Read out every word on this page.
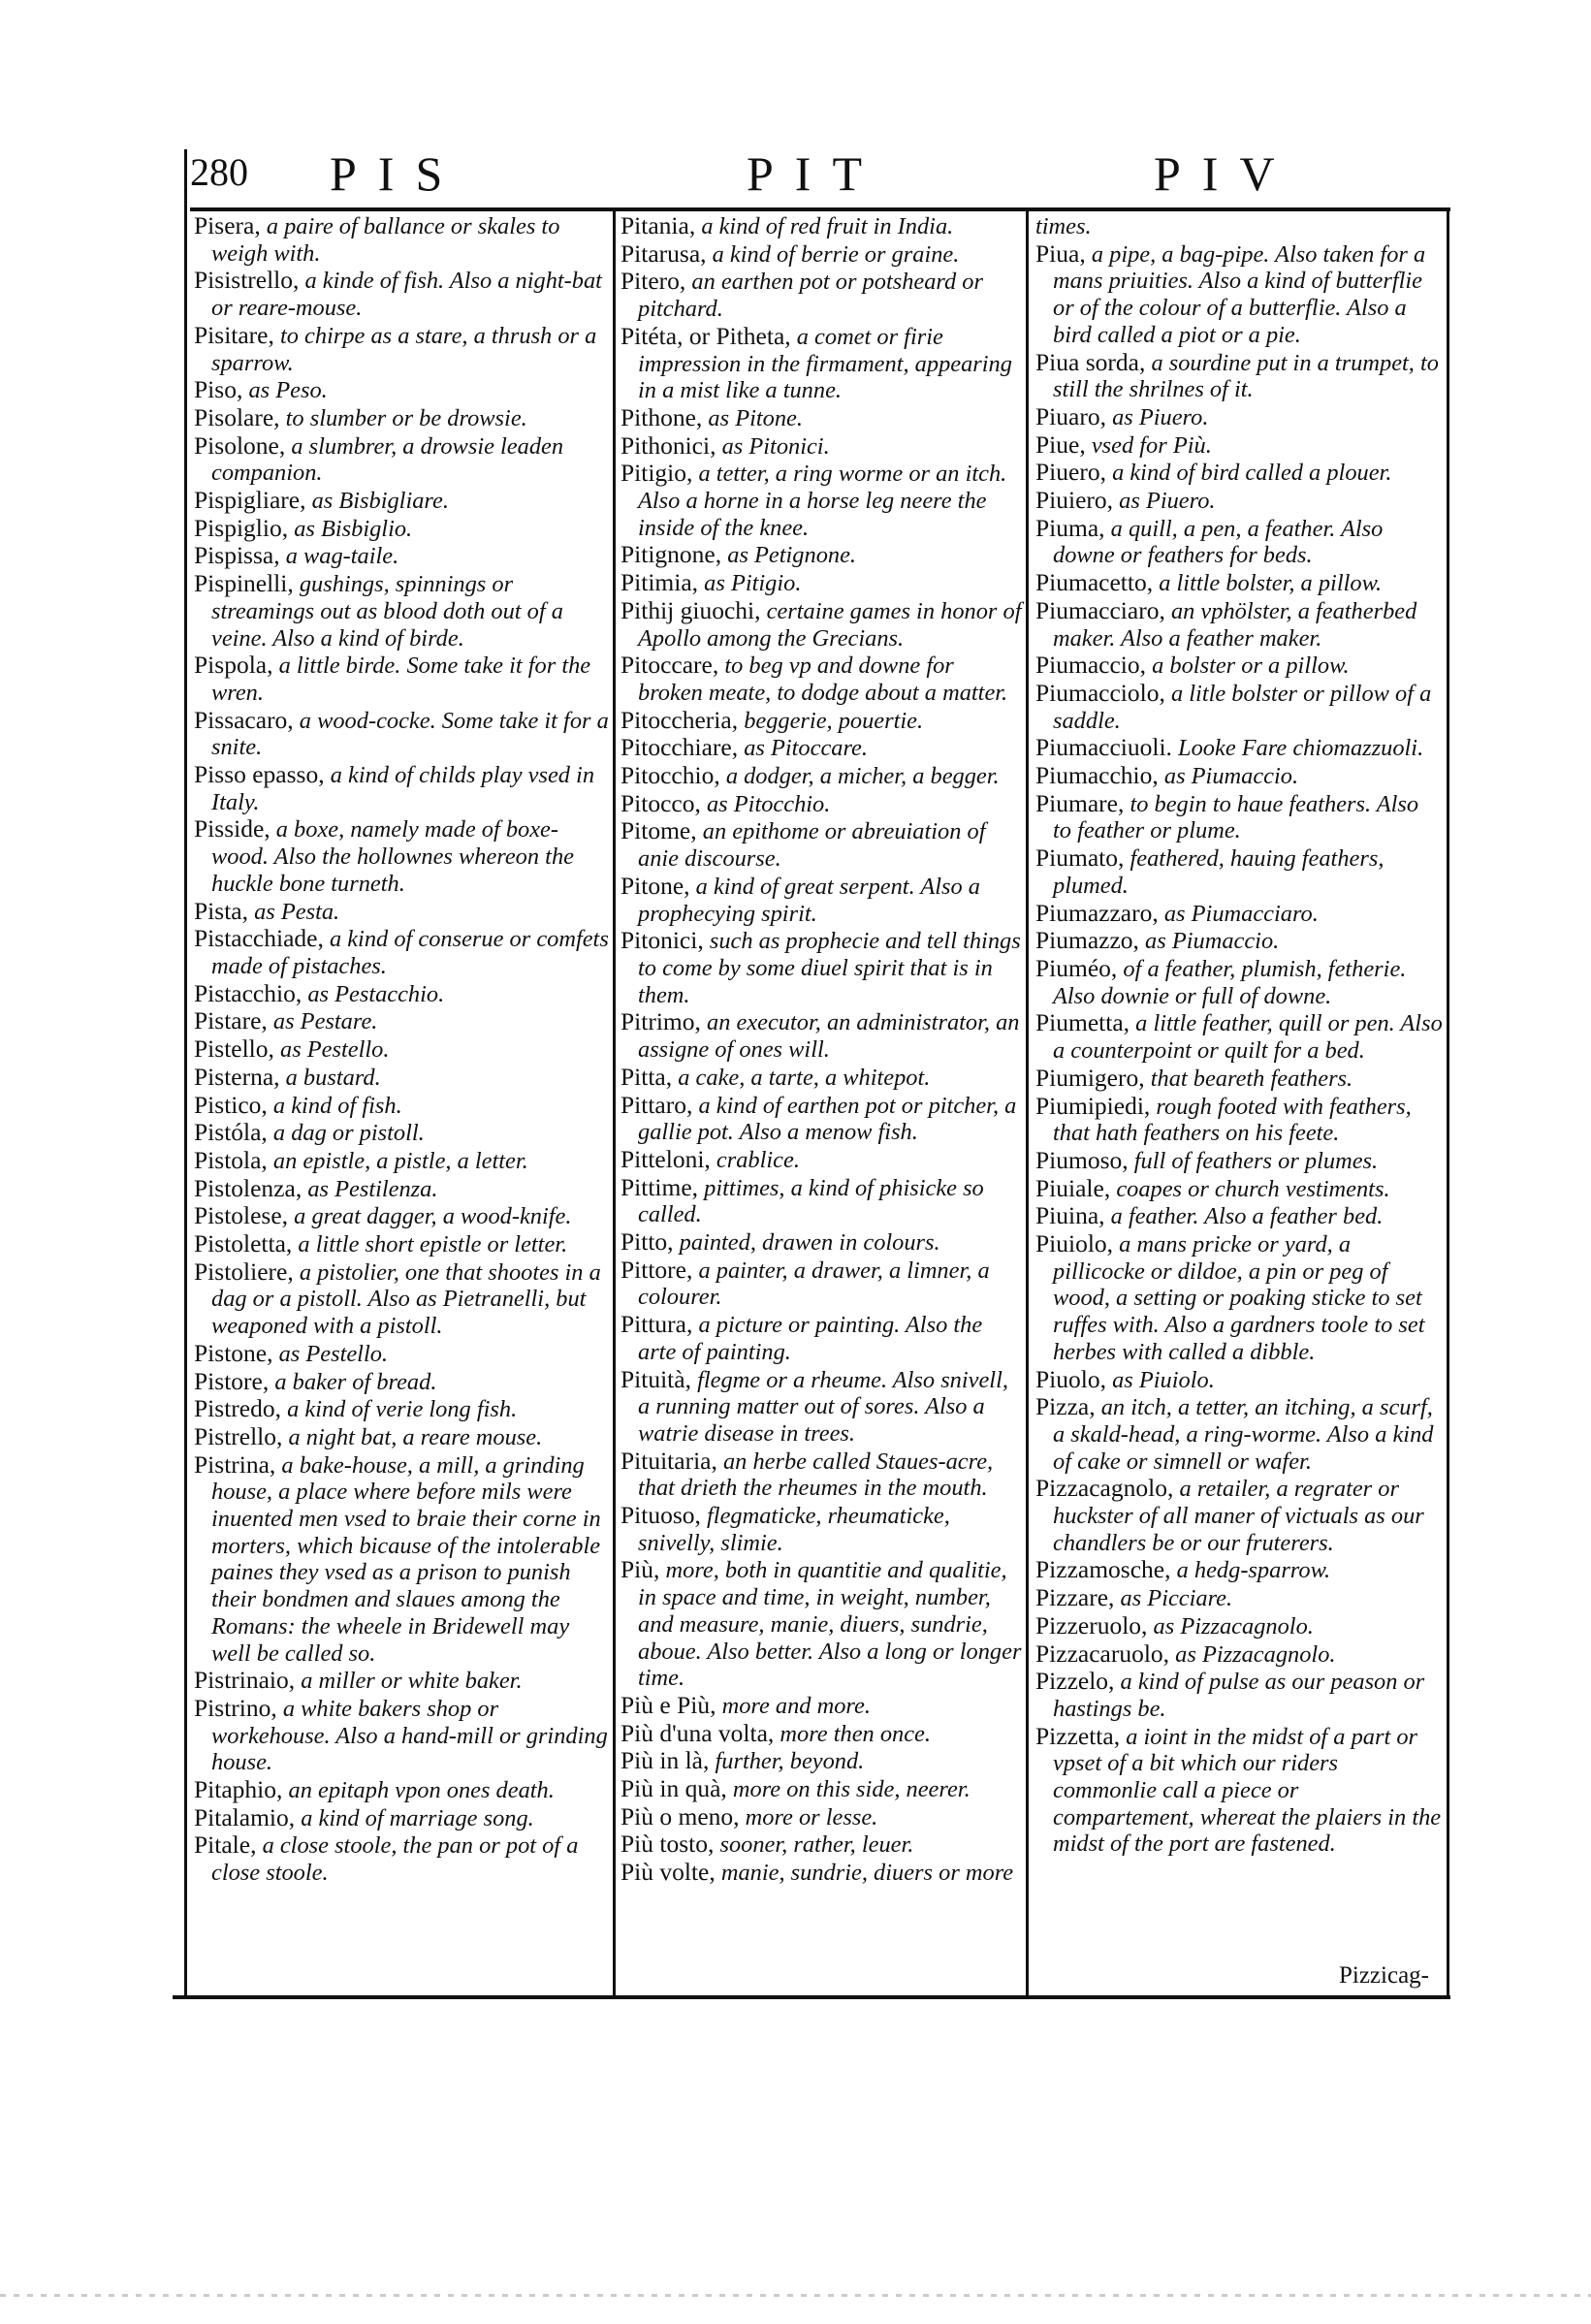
280 PIS	PIT	PIV

Pisera, a paire of ballance or skales to weigh with.

Pisistrello, a kinde of fish. Also a night-bat or reare-mouse.

Pisitare, to chirpe as a stare, a thrush or a sparrow.

Piso, as Peso.

Pisolare, to slumber or be drowsie.

Pisolone, a slumbrer, a drowsie leaden companion.

Pispigliare, as Bisbigliare.

Pispiglio, as Bisbiglio.

Pispissa, a wag-taile.

Pispinelli, gushings, spinnings or streamings out as blood doth out of a veine. Also a kind of birde.

Pispola, a little birde. Some take it for the wren.

Pissacaro, a wood-cocke. Some take it for a snite.

Pisso epasso, a kind of childs play vsed in Italy.

Pisside, a boxe, namely made of boxe-wood. Also the hollownes whereon the huckle bone turneth.

Pista, as Pesta.

Pistacchiade, a kind of conserue or comfets made of pistaches.

Pistacchio, as Pestacchio.

Pistare, as Pestare.

Pistello, as Pestello.

Pisterna, a bustard.

Pistico, a kind of fish.

Pistóla, a dag or pistoll.

Pistola, an epistle, a pistle, a letter.

Pistolenza, as Pestilenza.

Pistolese, a great dagger, a wood-knife.

Pistoletta, a little short epistle or letter.

Pistoliere, a pistolier, one that shootes in a dag or a pistoll. Also as Pietranelli, but weaponed with a pistoll.

Pistone, as Pestello.

Pistore, a baker of bread.

Pistredo, a kind of verie long fish.

Pistrello, a night bat, a reare mouse.

Pistrina, a bake-house, a mill, a grinding house, a place where before mils were inuented men vsed to braie their corne in morters, which bicause of the intolerable paines they vsed as a prison to punish their bondmen and slaues among the Romans: the wheele in Bridewell may well be called so.

Pistrinaio, a miller or white baker.

Pistrino, a white bakers shop or workehouse. Also a hand-mill or grinding house.

Pitaphio, an epitaph vpon ones death.

Pitalamio, a kind of marriage song.

Pitale, a close stoole, the pan or pot of a close stoole.

Pitania, a kind of red fruit in India.

Pitarusa, a kind of berrie or graine.

Pitero, an earthen pot or potsheard or pitchard.

Pitéta, or Pitheta, a comet or firie impression in the firmament, appearing in a mist like a tunne.

Pithone, as Pitone.

Pithonici, as Pitonici.

Pitigio, a tetter, a ring worme or an itch. Also a horne in a horse leg neere the inside of the knee.

Pitignone, as Petignone.

Pitimia, as Pitigio.

Pithij giuochi, certaine games in honor of Apollo among the Grecians.

Pitoccare, to beg vp and downe for broken meate, to dodge about a matter.

Pitoccheria, beggerie, pouertie.

Pitocchiare, as Pitoccare.

Pitocchio, a dodger, a micher, a begger.

Pitocco, as Pitocchio.

Pitome, an epithome or abreuiation of anie discourse.

Pitone, a kind of great serpent. Also a prophecying spirit.

Pitonici, such as prophecie and tell things to come by some diuel spirit that is in them.

Pitrimo, an executor, an administrator, an assigne of ones will.

Pitta, a cake, a tarte, a whitepot.

Pittaro, a kind of earthen pot or pitcher, a gallie pot. Also a menow fish.

Pitteloni, crablice.

Pittime, pittimes, a kind of phisicke so called.

Pitto, painted, drawen in colours.

Pittore, a painter, a drawer, a limner, a colourer.

Pittura, a picture or painting. Also the arte of painting.

Pituità, flegme or a rheume. Also snivell, a running matter out of sores. Also a watrie disease in trees.

Pituitaria, an herbe called Staues-acre, that drieth the rheumes in the mouth.

Pituoso, flegmaticke, rheumaticke, snivelly, slimie.

Più, more, both in quantitie and qualitie, in space and time, in weight, number, and measure, manie, diuers, sundrie, aboue. Also better. Also a long or longer time.

Più e Più, more and more.

Più d'una volta, more then once.

Più in là, further, beyond.

Più in quà, more on this side, neerer.

Più o meno, more or lesse.

Più tosto, sooner, rather, leuer.

Più volte, manie, sundrie, diuers or more

times.

Piua, a pipe, a bag-pipe. Also taken for a mans priuities. Also a kind of butterflie or of the colour of a butterflie. Also a bird called a piot or a pie.

Piua sorda, a sourdine put in a trumpet, to still the shrilnes of it.

Piuaro, as Piuero.

Piue, vsed for Più.

Piuero, a kind of bird called a plouer.

Piuiero, as Piuero.

Piuma, a quill, a pen, a feather. Also downe or feathers for beds.

Piumacetto, a little bolster, a pillow.

Piumacciaro, an vphölster, a featherbed maker. Also a feather maker.

Piumaccio, a bolster or a pillow.

Piumacciolo, a litle bolster or pillow of a saddle.

Piumacciuoli. Looke Fare chiomazzuoli.

Piumacchio, as Piumaccio.

Piumare, to begin to haue feathers. Also to feather or plume.

Piumato, feathered, hauing feathers, plumed.

Piumazzaro, as Piumacciaro.

Piumazzo, as Piumaccio.

Piuméo, of a feather, plumish, fetherie. Also downie or full of downe.

Piumetta, a little feather, quill or pen. Also a counterpoint or quilt for a bed.

Piumigero, that beareth feathers.

Piumipiedi, rough footed with feathers, that hath feathers on his feete.

Piumoso, full of feathers or plumes.

Piuiale, coapes or church vestiments.

Piuina, a feather. Also a feather bed.

Piuiolo, a mans pricke or yard, a pillicocke or dildoe, a pin or peg of wood, a setting or poaking sticke to set ruffes with. Also a gardners toole to set herbes with called a dibble.

Piuolo, as Piuiolo.

Pizza, an itch, a tetter, an itching, a scurf, a skald-head, a ring-worme. Also a kind of cake or simnell or wafer.

Pizzacagnolo, a retailer, a regrater or huckster of all maner of victuals as our chandlers be or our fruterers.

Pizzamosche, a hedg-sparrow.

Pizzare, as Picciare.

Pizzeruolo, as Pizzacagnolo.

Pizzacaruolo, as Pizzacagnolo.

Pizzelo, a kind of pulse as our peason or hastings be.

Pizzetta, a ioint in the midst of a part or vpset of a bit which our riders commonlie call a piece or compartement, whereat the plaiers in the midst of the port are fastened.

Pizzicag-
